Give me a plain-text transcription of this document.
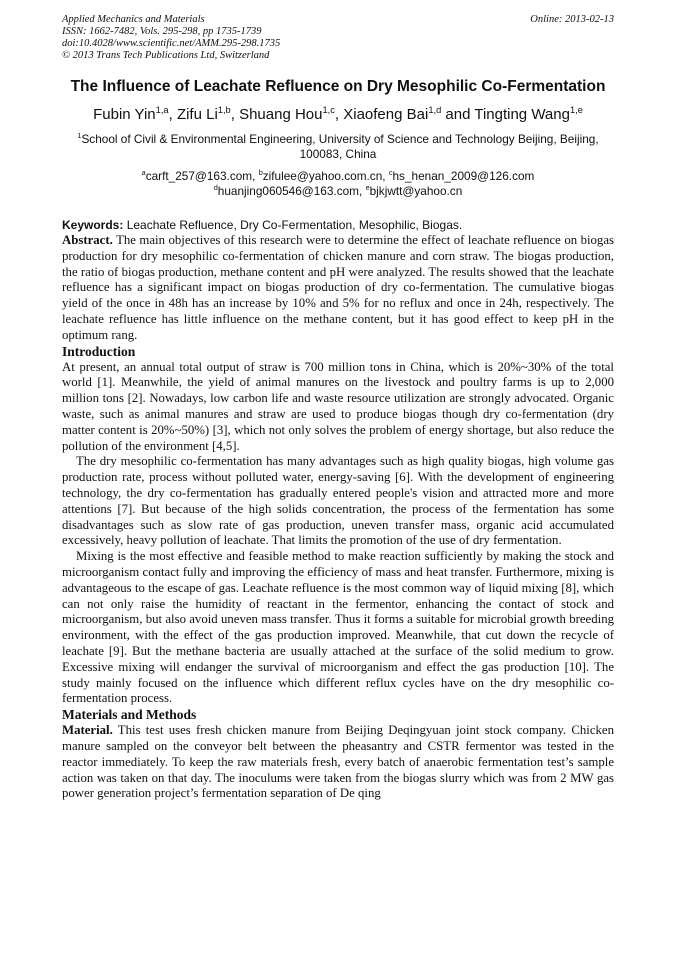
Applied Mechanics and Materials
ISSN: 1662-7482, Vols. 295-298, pp 1735-1739
doi:10.4028/www.scientific.net/AMM.295-298.1735
© 2013 Trans Tech Publications Ltd, Switzerland
Online: 2013-02-13
The Influence of Leachate Refluence on Dry Mesophilic Co-Fermentation
Fubin Yin$^{1,a}$, Zifu Li$^{1,b}$, Shuang Hou$^{1,c}$, Xiaofeng Bai$^{1,d}$ and Tingting Wang$^{1,e}$
$^1$School of Civil & Environmental Engineering, University of Science and Technology Beijing, Beijing, 100083, China
$^a$carft_257@163.com, $^b$zifulee@yahoo.com.cn, $^c$hs_henan_2009@126.com
$^d$huanjing060546@163.com, $^e$bjkjwtt@yahoo.cn
Keywords: Leachate Refluence, Dry Co-Fermentation, Mesophilic, Biogas.

Abstract. The main objectives of this research were to determine the effect of leachate refluence on biogas production for dry mesophilic co-fermentation of chicken manure and corn straw. The biogas production, the ratio of biogas production, methane content and pH were analyzed. The results showed that the leachate refluence has a significant impact on biogas production of dry co-fermentation. The cumulative biogas yield of the once in 48h has an increase by 10% and 5% for no reflux and once in 24h, respectively. The leachate refluence has little influence on the methane content, but it has good effect to keep pH in the optimum rang.

Introduction

At present, an annual total output of straw is 700 million tons in China, which is 20%~30% of the total world [1]. Meanwhile, the yield of animal manures on the livestock and poultry farms is up to 2,000 million tons [2]. Nowadays, low carbon life and waste resource utilization are strongly advocated. Organic waste, such as animal manures and straw are used to produce biogas though dry co-fermentation (dry matter content is 20%~50%) [3], which not only solves the problem of energy shortage, but also reduce the pollution of the environment [4,5].

The dry mesophilic co-fermentation has many advantages such as high quality biogas, high volume gas production rate, process without polluted water, energy-saving [6]. With the development of engineering technology, the dry co-fermentation has gradually entered people's vision and attracted more and more attentions [7]. But because of the high solids concentration, the process of the fermentation has some disadvantages such as slow rate of gas production, uneven transfer mass, organic acid accumulated excessively, heavy pollution of leachate. That limits the promotion of the use of dry fermentation.

Mixing is the most effective and feasible method to make reaction sufficiently by making the stock and microorganism contact fully and improving the efficiency of mass and heat transfer. Furthermore, mixing is advantageous to the escape of gas. Leachate refluence is the most common way of liquid mixing [8], which can not only raise the humidity of reactant in the fermentor, enhancing the contact of stock and microorganism, but also avoid uneven mass transfer. Thus it forms a suitable for microbial growth breeding environment, with the effect of the gas production improved. Meanwhile, that cut down the recycle of leachate [9]. But the methane bacteria are usually attached at the surface of the solid medium to grow. Excessive mixing will endanger the survival of microorganism and effect the gas production [10]. The study mainly focused on the influence which different reflux cycles have on the dry mesophilic co-fermentation process.

Materials and Methods

Material. This test uses fresh chicken manure from Beijing Deqingyuan joint stock company. Chicken manure sampled on the conveyor belt between the pheasantry and CSTR fermentor was tested in the reactor immediately. To keep the raw materials fresh, every batch of anaerobic fermentation test’s sample action was taken on that day. The inoculums were taken from the biogas slurry which was from 2 MW gas power generation project’s fermentation separation of De qing
